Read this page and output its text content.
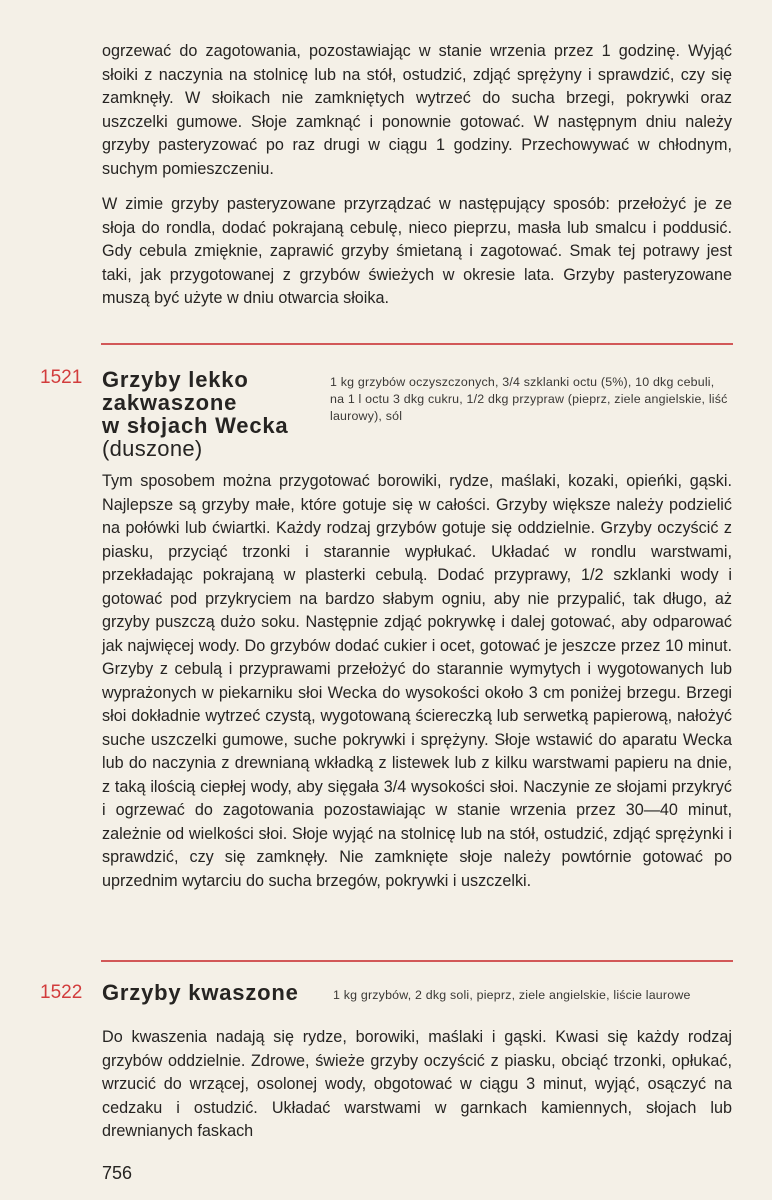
ogrzewać do zagotowania, pozostawiając w stanie wrzenia przez 1 godzinę. Wyjąć słoiki z naczynia na stolnicę lub na stół, ostudzić, zdjąć sprężyny i sprawdzić, czy się zamknęły. W słoikach nie zamkniętych wytrzeć do sucha brzegi, pokrywki oraz uszczelki gumowe. Słoje zamknąć i ponownie gotować. W następnym dniu należy grzyby pasteryzować po raz drugi w ciągu 1 godziny. Przechowywać w chłodnym, suchym pomieszczeniu.

W zimie grzyby pasteryzowane przyrządzać w następujący sposób: przełożyć je ze słoja do rondla, dodać pokrajaną cebulę, nieco pieprzu, masła lub smalcu i poddusić. Gdy cebula zmięknie, zaprawić grzyby śmietaną i zagotować. Smak tej potrawy jest taki, jak przygotowanej z grzybów świeżych w okresie lata. Grzyby pasteryzowane muszą być użyte w dniu otwarcia słoika.

1521 Grzyby lekko
zakwaszone
w słojach Wecka
(duszone)
1 kg grzybów oczyszczonych, 3/4 szklanki octu (5%), 10 dkg cebuli, na 1 l octu 3 dkg cukru, 1/2 dkg przypraw (pieprz, ziele angielskie, liść laurowy), sól

Tym sposobem można przygotować borowiki, rydze, maślaki, kozaki, opieńki, gąski. Najlepsze są grzyby małe, które gotuje się w całości. Grzyby większe należy podzielić na połówki lub ćwiartki. Każdy rodzaj grzybów gotuje się oddzielnie. Grzyby oczyścić z piasku, przyciąć trzonki i starannie wypłukać. Układać w rondlu warstwami, przekładając pokrajaną w plasterki cebulą. Dodać przyprawy, 1/2 szklanki wody i gotować pod przykryciem na bardzo słabym ogniu, aby nie przypalić, tak długo, aż grzyby puszczą dużo soku. Następnie zdjąć pokrywkę i dalej gotować, aby odparować jak najwięcej wody. Do grzybów dodać cukier i ocet, gotować je jeszcze przez 10 minut. Grzyby z cebulą i przyprawami przełożyć do starannie wymytych i wygotowanych lub wyprażonych w piekarniku słoi Wecka do wysokości około 3 cm poniżej brzegu. Brzegi słoi dokładnie wytrzeć czystą, wygotowaną ściereczką lub serwetką papierową, nałożyć suche uszczelki gumowe, suche pokrywki i sprężyny. Słoje wstawić do aparatu Wecka lub do naczynia z drewnianą wkładką z listewek lub z kilku warstwami papieru na dnie, z taką ilością ciepłej wody, aby sięgała 3/4 wysokości słoi. Naczynie ze słojami przykryć i ogrzewać do zagotowania pozostawiając w stanie wrzenia przez 30—40 minut, zależnie od wielkości słoi. Słoje wyjąć na stolnicę lub na stół, ostudzić, zdjąć sprężynki i sprawdzić, czy się zamknęły. Nie zamknięte słoje należy powtórnie gotować po uprzednim wytarciu do sucha brzegów, pokrywki i uszczelki.

1522 Grzyby kwaszone	1 kg grzybów, 2 dkg soli, pieprz, ziele angielskie, liście laurowe

Do kwaszenia nadają się rydze, borowiki, maślaki i gąski. Kwasi się każdy rodzaj grzybów oddzielnie. Zdrowe, świeże grzyby oczyścić z piasku, obciąć trzonki, opłukać, wrzucić do wrzącej, osolonej wody, obgotować w ciągu 3 minut, wyjąć, osączyć na cedzaku i ostudzić. Układać warstwami w garnkach kamiennych, słojach lub drewnianych faskach

756
